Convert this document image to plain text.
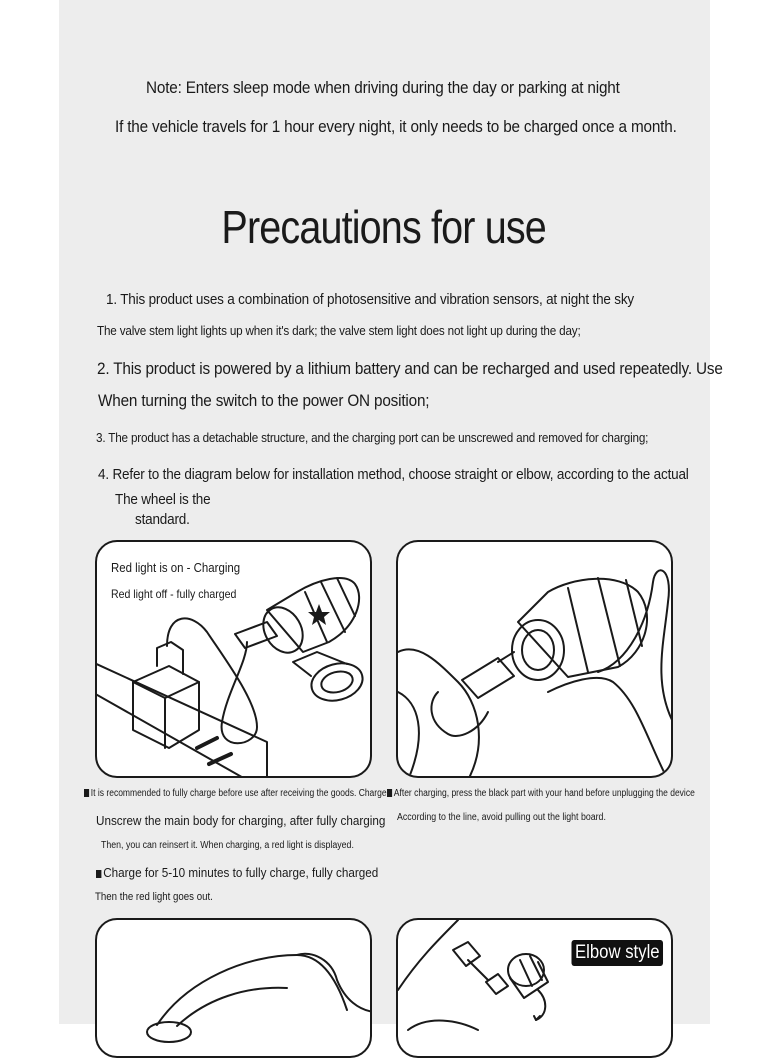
Note: Enters sleep mode when driving during the day or parking at night
If the vehicle travels for 1 hour every night, it only needs to be charged once a month.
Precautions for use
1. This product uses a combination of photosensitive and vibration sensors, at night the sky
The valve stem light lights up when it's dark; the valve stem light does not light up during the day;
2. This product is powered by a lithium battery and can be recharged and used repeatedly. Use
When turning the switch to the power ON position;
3. The product has a detachable structure, and the charging port can be unscrewed and removed for charging;
4. Refer to the diagram below for installation method, choose straight or elbow, according to the actual
The wheel is the
standard.
Red light is on - Charging
Red light off - fully charged
It is recommended to fully charge before use after receiving the goods. Charge
Unscrew the main body for charging, after fully charging
Then, you can reinsert it. When charging, a red light is displayed.
Charge for 5-10 minutes to fully charge, fully charged
Then the red light goes out.
After charging, press the black part with your hand before unplugging the device
According to the line, avoid pulling out the light board.
Elbow style
